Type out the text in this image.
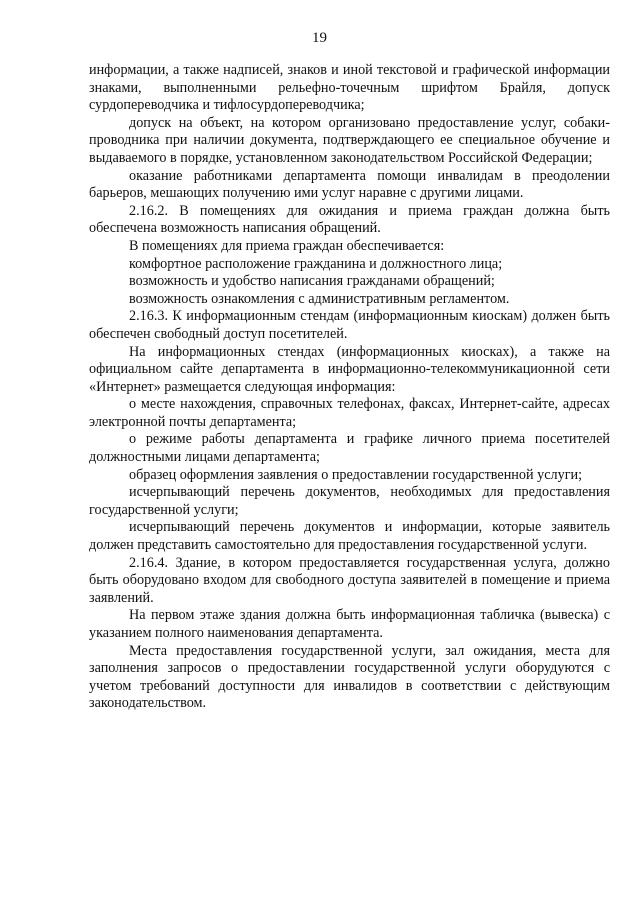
19

информации, а также надписей, знаков и иной текстовой и графической информации знаками, выполненными рельефно-точечным шрифтом Брайля, допуск сурдопереводчика и тифлосурдопереводчика;

допуск на объект, на котором организовано предоставление услуг, собаки-проводника при наличии документа, подтверждающего ее специальное обучение и выдаваемого в порядке, установленном законодательством Российской Федерации;

оказание работниками департамента помощи инвалидам в преодолении барьеров, мешающих получению ими услуг наравне с другими лицами.

2.16.2. В помещениях для ожидания и приема граждан должна быть обеспечена возможность написания обращений.

В помещениях для приема граждан обеспечивается:

комфортное расположение гражданина и должностного лица;

возможность и удобство написания гражданами обращений;

возможность ознакомления с административным регламентом.

2.16.3. К информационным стендам (информационным киоскам) должен быть обеспечен свободный доступ посетителей.

На информационных стендах (информационных киосках), а также на официальном сайте департамента в информационно-телекоммуникационной сети «Интернет» размещается следующая информация:

о месте нахождения, справочных телефонах, факсах, Интернет-сайте, адресах электронной почты департамента;

о режиме работы департамента и графике личного приема посетителей должностными лицами департамента;

образец оформления заявления о предоставлении государственной услуги;

исчерпывающий перечень документов, необходимых для предоставления государственной услуги;

исчерпывающий перечень документов и информации, которые заявитель должен представить самостоятельно для предоставления государственной услуги.

2.16.4. Здание, в котором предоставляется государственная услуга, должно быть оборудовано входом для свободного доступа заявителей в помещение и приема заявлений.

На первом этаже здания должна быть информационная табличка (вывеска) с указанием полного наименования департамента.

Места предоставления государственной услуги, зал ожидания, места для заполнения запросов о предоставлении государственной услуги оборудуются с учетом требований доступности для инвалидов в соответствии с действующим законодательством.
